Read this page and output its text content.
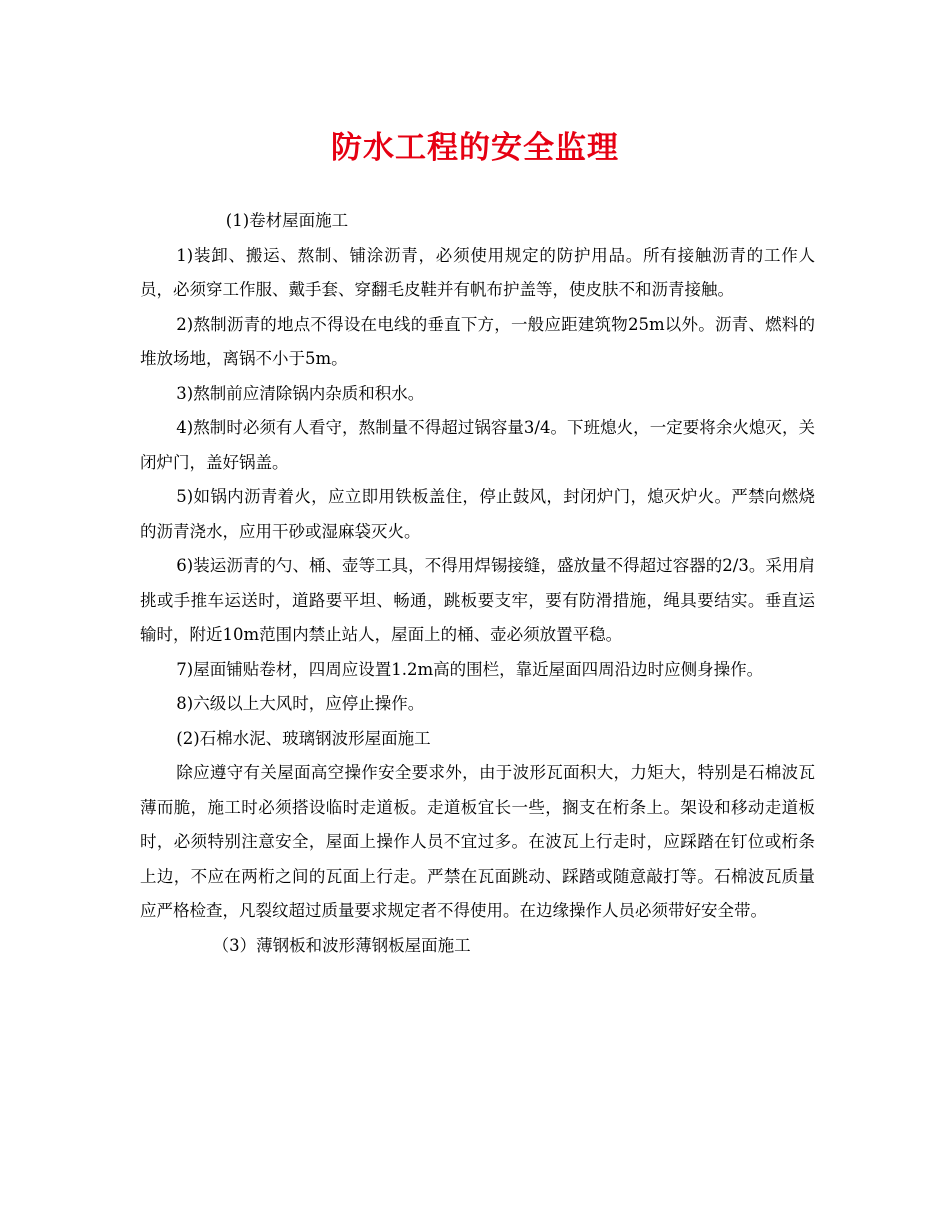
防水工程的安全监理

(1)卷材屋面施工

1)装卸、搬运、熬制、铺涂沥青，必须使用规定的防护用品。所有接触沥青的工作人员，必须穿工作服、戴手套、穿翻毛皮鞋并有帆布护盖等，使皮肤不和沥青接触。

2)熬制沥青的地点不得设在电线的垂直下方，一般应距建筑物25m以外。沥青、燃料的堆放场地，离锅不小于5m。

3)熬制前应清除锅内杂质和积水。

4)熬制时必须有人看守，熬制量不得超过锅容量3/4。下班熄火，一定要将余火熄灭，关闭炉门，盖好锅盖。

5)如锅内沥青着火，应立即用铁板盖住，停止鼓风，封闭炉门，熄灭炉火。严禁向燃烧的沥青浇水，应用干砂或湿麻袋灭火。

6)装运沥青的勺、桶、壶等工具，不得用焊锡接缝，盛放量不得超过容器的2/3。采用肩挑或手推车运送时，道路要平坦、畅通，跳板要支牢，要有防滑措施，绳具要结实。垂直运输时，附近10m范围内禁止站人，屋面上的桶、壶必须放置平稳。

7)屋面铺贴卷材，四周应设置1.2m高的围栏，靠近屋面四周沿边时应侧身操作。

8)六级以上大风时，应停止操作。

(2)石棉水泥、玻璃钢波形屋面施工

除应遵守有关屋面高空操作安全要求外，由于波形瓦面积大，力矩大，特别是石棉波瓦薄而脆，施工时必须搭设临时走道板。走道板宜长一些，搁支在桁条上。架设和移动走道板时，必须特别注意安全，屋面上操作人员不宜过多。在波瓦上行走时，应踩踏在钉位或桁条上边，不应在两桁之间的瓦面上行走。严禁在瓦面跳动、踩踏或随意敲打等。石棉波瓦质量应严格检查，凡裂纹超过质量要求规定者不得使用。在边缘操作人员必须带好安全带。

（3）薄钢板和波形薄钢板屋面施工
